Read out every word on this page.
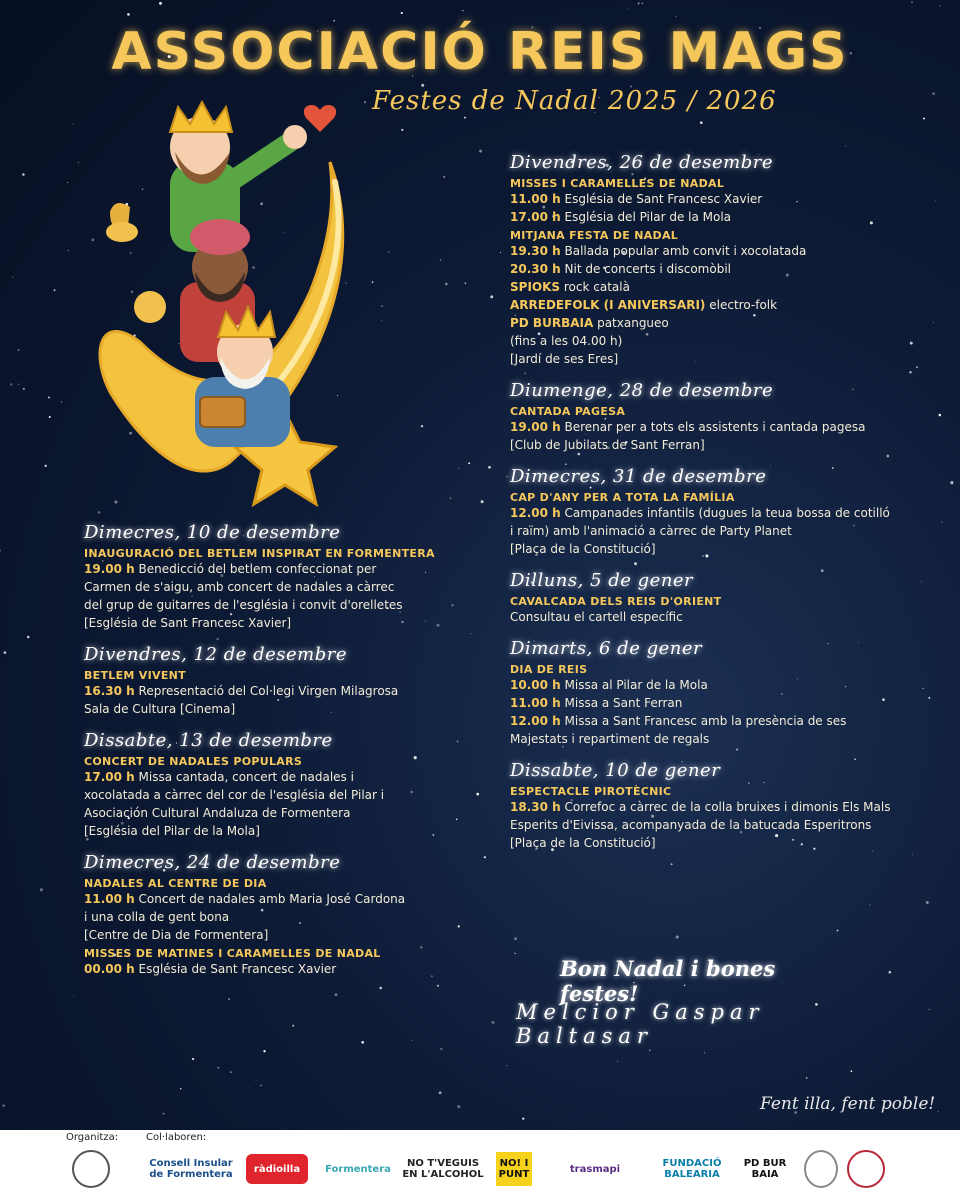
ASSOCIACIÓ REIS MAGS
Festes de Nadal 2025 / 2026
Dimecres, 10 de desembre
INAUGURACIÓ DEL BETLEM INSPIRAT EN FORMENTERA
19.00 h Benedicció del betlem confeccionat per
Carmen de s'aigu, amb concert de nadales a càrrec
del grup de guitarres de l'església i convit d'orelletes
[Església de Sant Francesc Xavier]
Divendres, 12 de desembre
BETLEM VIVENT
16.30 h Representació del Col·legi Virgen Milagrosa
Sala de Cultura [Cinema]
Dissabte, 13 de desembre
CONCERT DE NADALES POPULARS
17.00 h Missa cantada, concert de nadales i
xocolatada a càrrec del cor de l'església del Pilar i
Asociación Cultural Andaluza de Formentera
[Església del Pilar de la Mola]
Dimecres, 24 de desembre
NADALES AL CENTRE DE DIA
11.00 h Concert de nadales amb Maria José Cardona
i una colla de gent bona
[Centre de Dia de Formentera]
MISSES DE MATINES I CARAMELLES DE NADAL
00.00 h Església de Sant Francesc Xavier
Divendres, 26 de desembre
MISSES I CARAMELLES DE NADAL
11.00 h Església de Sant Francesc Xavier
17.00 h Església del Pilar de la Mola
MITJANA FESTA DE NADAL
19.30 h Ballada popular amb convit i xocolatada
20.30 h Nit de concerts i discomòbil
SPIOKS rock català
ARREDEFOLK (I ANIVERSARI) electro-folk
PD BURBAIA patxangueo
(fins a les 04.00 h)
[Jardí de ses Eres]
Diumenge, 28 de desembre
CANTADA PAGESA
19.00 h Berenar per a tots els assistents i cantada pagesa
[Club de Jubilats de Sant Ferran]
Dimecres, 31 de desembre
CAP D'ANY PER A TOTA LA FAMÍLIA
12.00 h Campanades infantils (dugues la teua bossa de cotilló
i raïm) amb l'animació a càrrec de Party Planet
[Plaça de la Constitució]
Dilluns, 5 de gener
CAVALCADA DELS REIS D'ORIENT
Consultau el cartell específic
Dimarts, 6 de gener
DIA DE REIS
10.00 h Missa al Pilar de la Mola
11.00 h Missa a Sant Ferran
12.00 h Missa a Sant Francesc amb la presència de ses
Majestats i repartiment de regals
Dissabte, 10 de gener
ESPECTACLE PIROTÈCNIC
18.30 h Correfoc a càrrec de la colla bruixes i dimonis Els Mals
Esperits d'Eivissa, acompanyada de la batucada Esperitrons
[Plaça de la Constitució]
Bon Nadal i bones festes!
Melcior Gaspar Baltasar
Fent illa, fent poble!
Organitza:	Col·laboren:
Consell Insular de Formentera	ràdioilla	Formentera	NO T'VEGUIS EN L'ALCOHOL
NO! I PUNT	trasmapi	FUNDACIÓ BALEARIA
PD BUR BAIA
